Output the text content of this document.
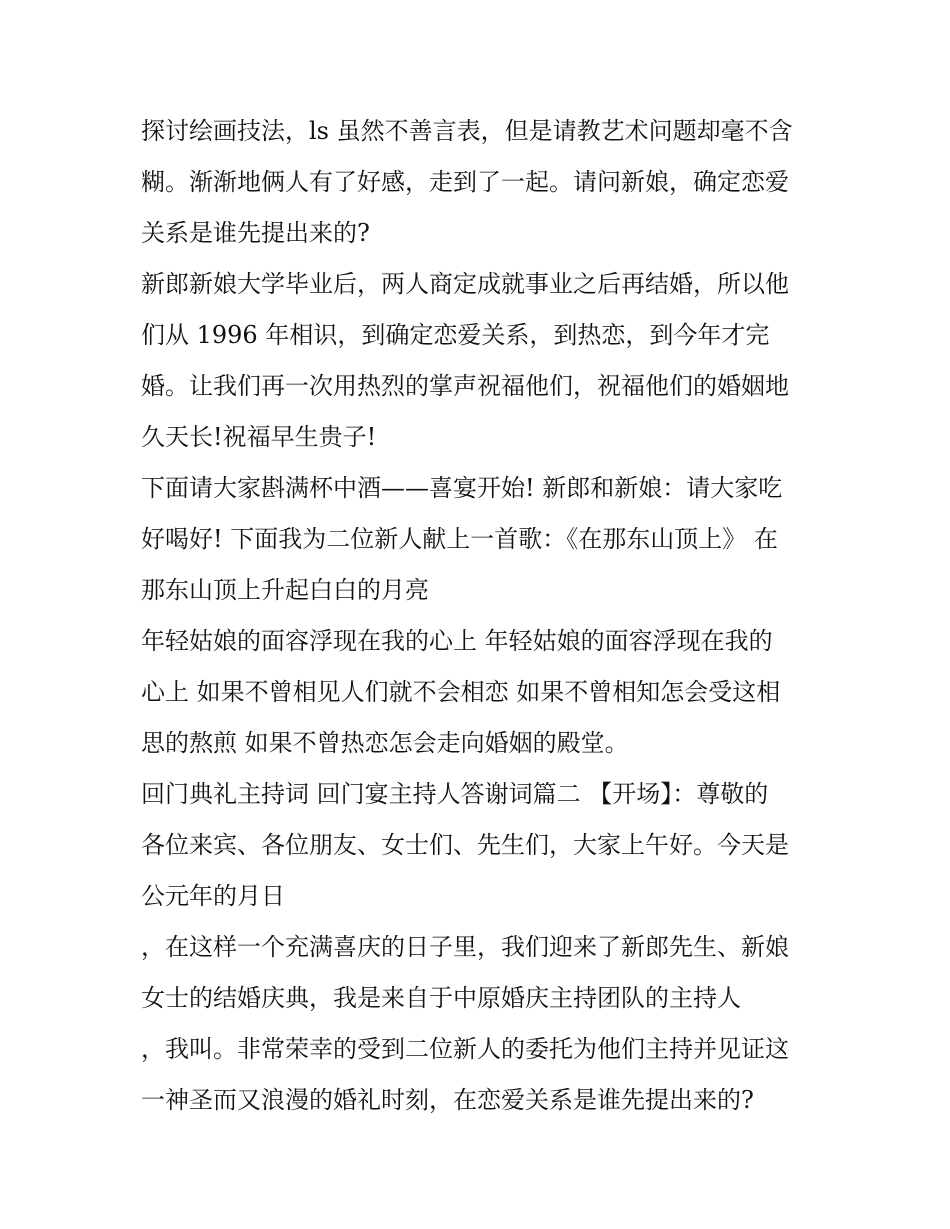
探讨绘画技法，ls 虽然不善言表，但是请教艺术问题却毫不含
糊。渐渐地俩人有了好感，走到了一起。请问新娘，确定恋爱
关系是谁先提出来的?
新郎新娘大学毕业后，两人商定成就事业之后再结婚，所以他
们从 1996 年相识，到确定恋爱关系，到热恋，到今年才完
婚。让我们再一次用热烈的掌声祝福他们，祝福他们的婚姻地
久天长!祝福早生贵子!
下面请大家斟满杯中酒——喜宴开始! 新郎和新娘：请大家吃
好喝好! 下面我为二位新人献上一首歌：《在那东山顶上》 在
那东山顶上升起白白的月亮
年轻姑娘的面容浮现在我的心上 年轻姑娘的面容浮现在我的
心上 如果不曾相见人们就不会相恋 如果不曾相知怎会受这相
思的熬煎 如果不曾热恋怎会走向婚姻的殿堂。
回门典礼主持词 回门宴主持人答谢词篇二 【开场】：尊敬的
各位来宾、各位朋友、女士们、先生们，大家上午好。今天是
公元年的月日
，在这样一个充满喜庆的日子里，我们迎来了新郎先生、新娘
女士的结婚庆典，我是来自于中原婚庆主持团队的主持人
，我叫。非常荣幸的受到二位新人的委托为他们主持并见证这
一神圣而又浪漫的婚礼时刻，在恋爱关系是谁先提出来的?
